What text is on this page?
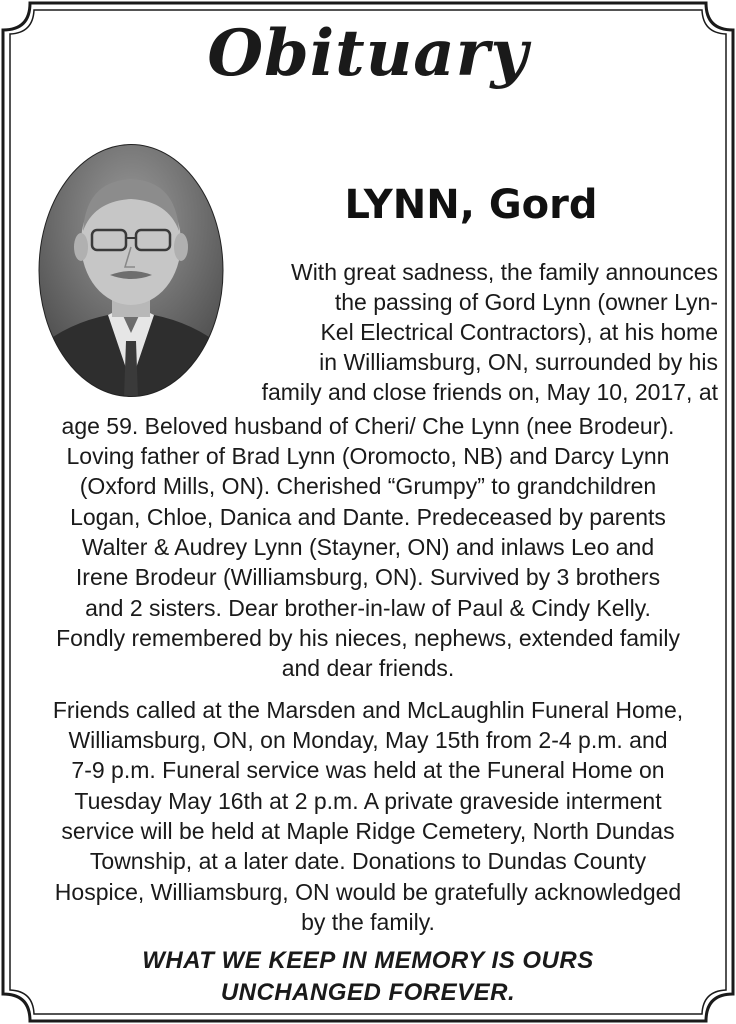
Obituary
LYNN, Gord
With great sadness, the family announces
the passing of Gord Lynn (owner Lyn-
Kel Electrical Contractors), at his home
in Williamsburg, ON, surrounded by his
family and close friends on, May 10, 2017, at
age 59. Beloved husband of Cheri/ Che Lynn (nee Brodeur).
Loving father of Brad Lynn (Oromocto, NB) and Darcy Lynn
(Oxford Mills, ON). Cherished “Grumpy” to grandchildren
Logan, Chloe, Danica and Dante. Predeceased by parents
Walter & Audrey Lynn (Stayner, ON) and inlaws Leo and
Irene Brodeur (Williamsburg, ON). Survived by 3 brothers
and 2 sisters. Dear brother-in-law of Paul & Cindy Kelly.
Fondly remembered by his nieces, nephews, extended family
and dear friends.
Friends called at the Marsden and McLaughlin Funeral Home,
Williamsburg, ON, on Monday, May 15th from 2-4 p.m. and
7-9 p.m. Funeral service was held at the Funeral Home on
Tuesday May 16th at 2 p.m. A private graveside interment
service will be held at Maple Ridge Cemetery, North Dundas
Township, at a later date. Donations to Dundas County
Hospice, Williamsburg, ON would be gratefully acknowledged
by the family.
WHAT WE KEEP IN MEMORY IS OURS
UNCHANGED FOREVER.
